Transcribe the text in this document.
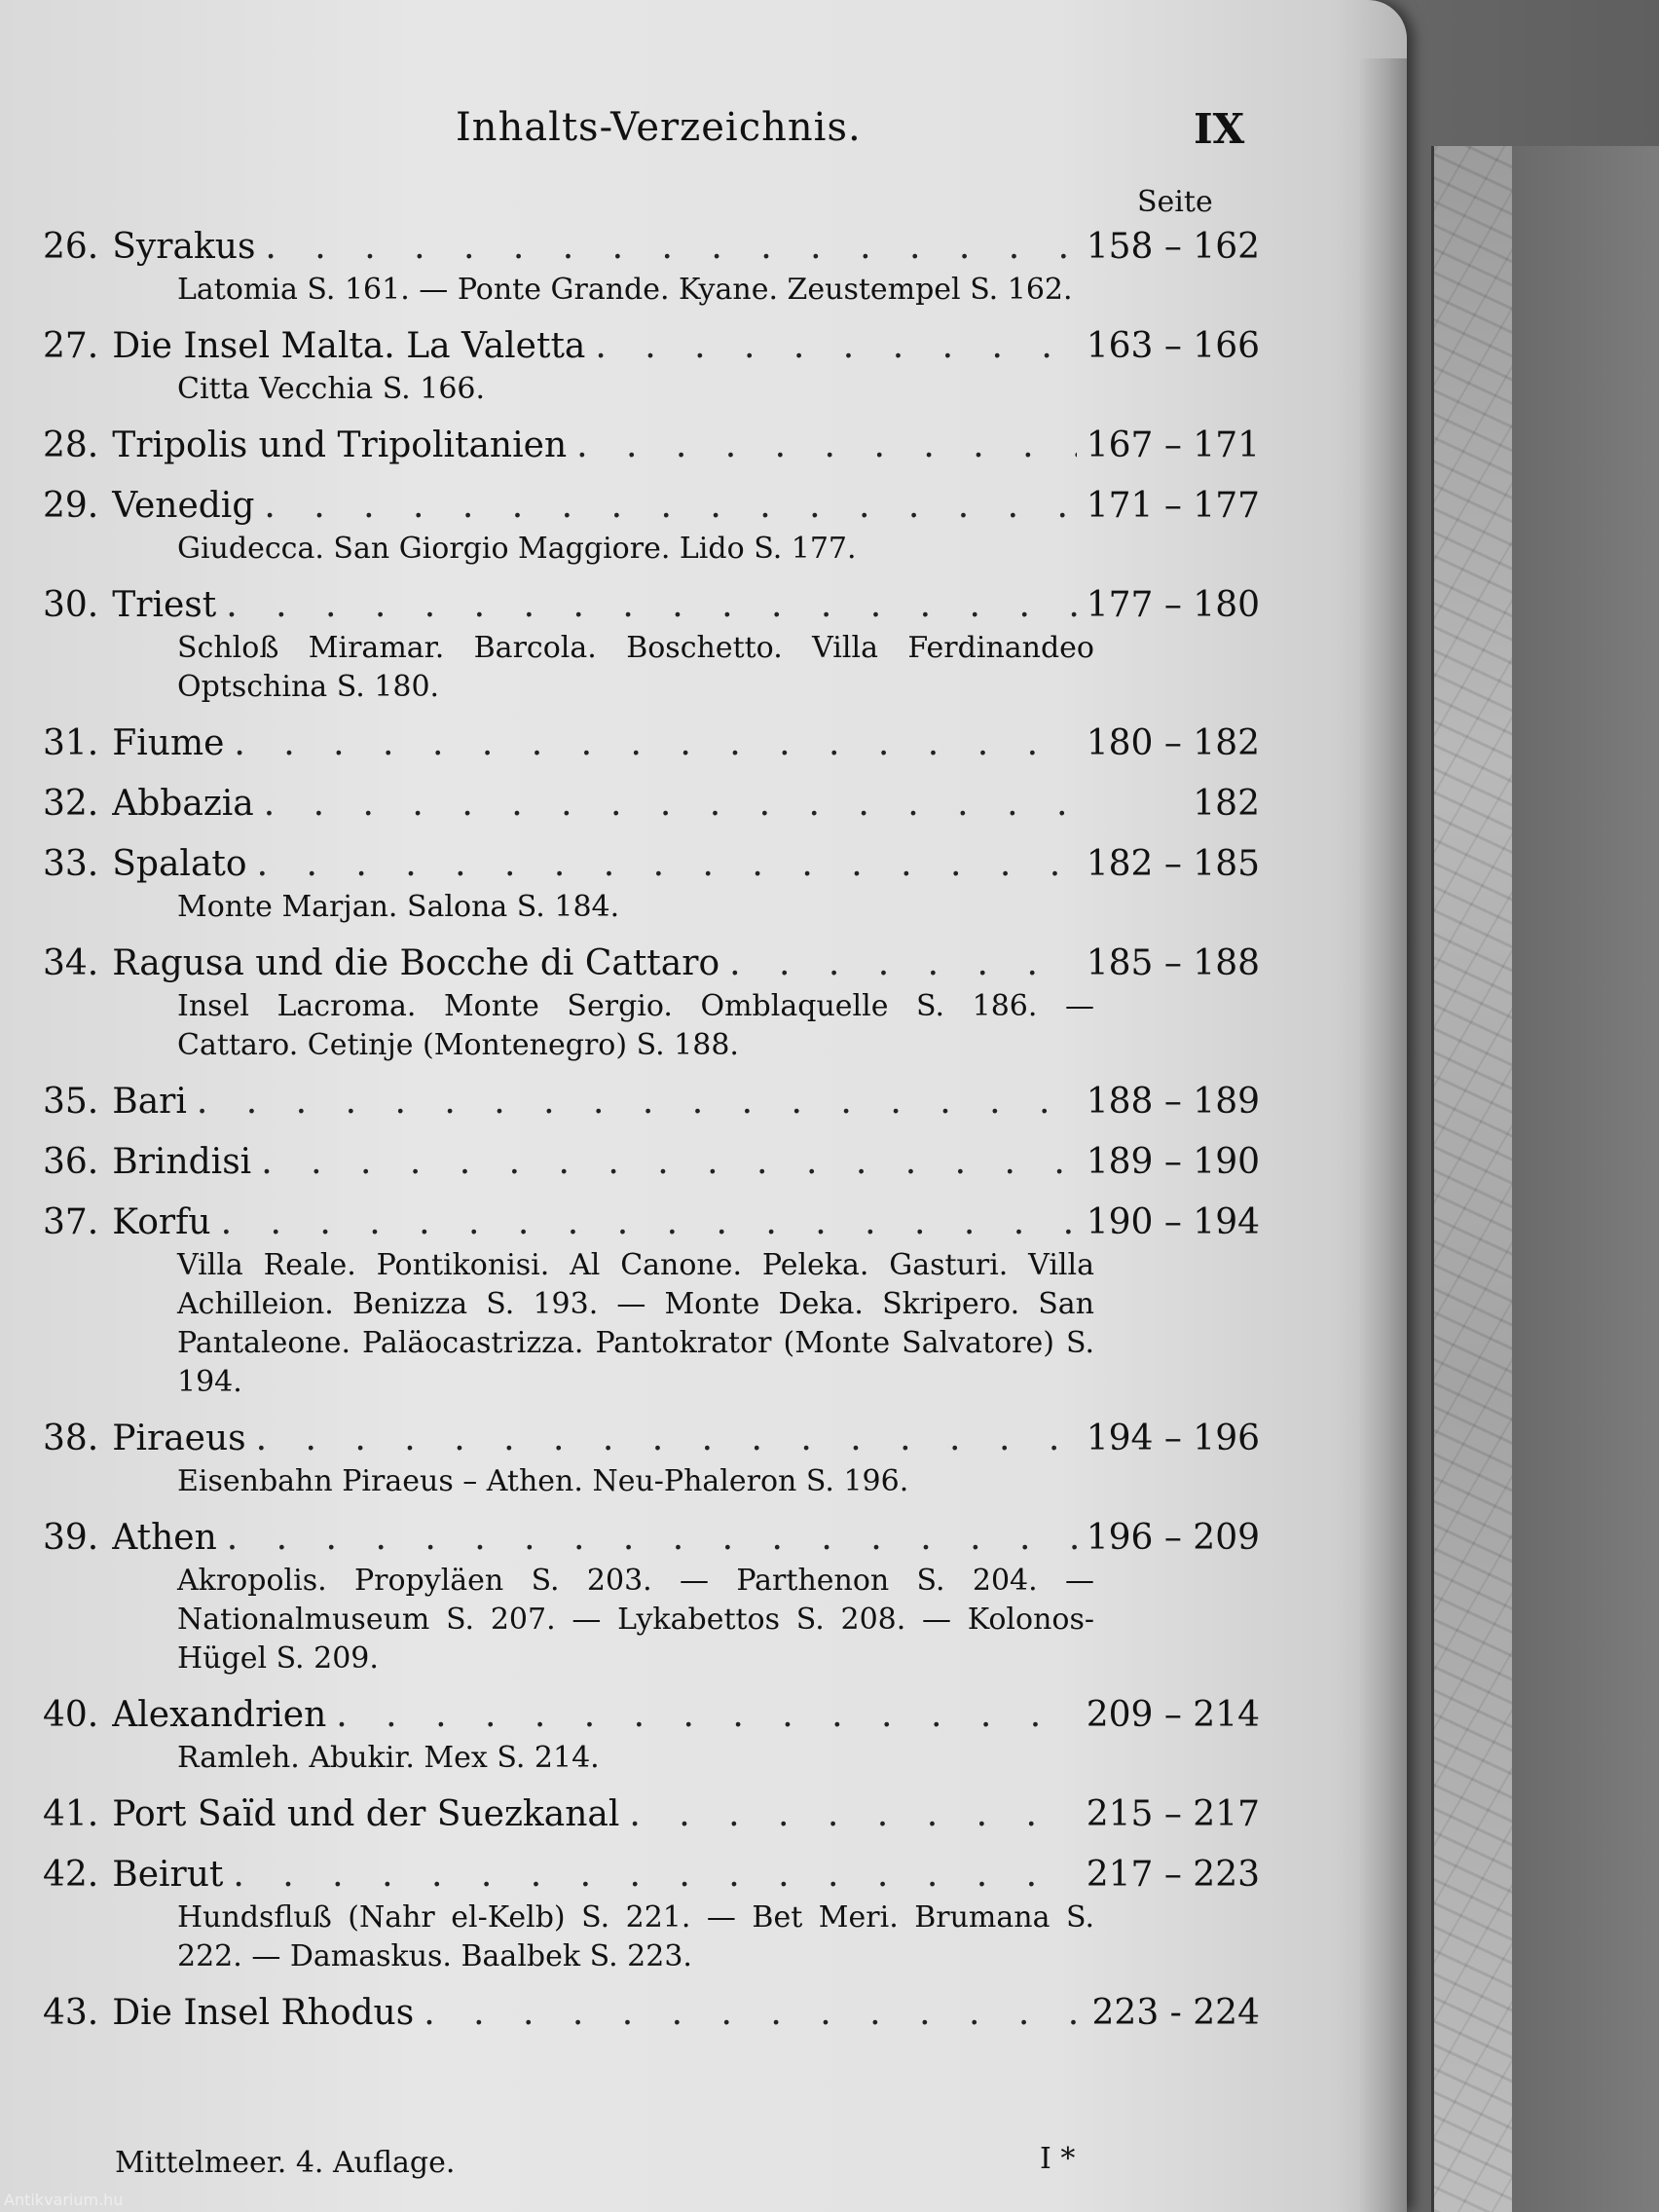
Inhalts-Verzeichnis.	IX
Seite
26. Syrakus . . .	158 – 162
Latomia S. 161. — Ponte Grande. Kyane. Zeustempel S. 162.
27. Die Insel Malta. La Valetta . . .	163 – 166
Citta Vecchia S. 166.
28. Tripolis und Tripolitanien . . .	167 – 171
29. Venedig . . .	171 – 177
Giudecca. San Giorgio Maggiore. Lido S. 177.
30. Triest . . .	177 – 180
Schloß Miramar. Barcola. Boschetto. Villa Ferdinandeo Optschina S. 180.
31. Fiume . . .	180 – 182
32. Abbazia . . .	182
33. Spalato . . .	182 – 185
Monte Marjan. Salona S. 184.
34. Ragusa und die Bocche di Cattaro . . .	185 – 188
Insel Lacroma. Monte Sergio. Omblaquelle S. 186. — Cattaro. Cetinje (Montenegro) S. 188.
35. Bari . . .	188 – 189
36. Brindisi . . .	189 – 190
37. Korfu . . .	190 – 194
Villa Reale. Pontikonisi. Al Canone. Peleka. Gasturi. Villa Achilleion. Benizza S. 193. — Monte Deka. Skripero. San Pantaleone. Paläocastrizza. Pantokrator (Monte Salvatore) S. 194.
38. Piraeus . . .	194 – 196
Eisenbahn Piraeus – Athen. Neu-Phaleron S. 196.
39. Athen . . .	196 – 209
Akropolis. Propyläen S. 203. — Parthenon S. 204. — Nationalmuseum S. 207. — Lykabettos S. 208. — Kolonos-Hügel S. 209.
40. Alexandrien . . .	209 – 214
Ramleh. Abukir. Mex S. 214.
41. Port Saïd und der Suezkanal . . .	215 – 217
42. Beirut . . .	217 – 223
Hundsfluß (Nahr el-Kelb) S. 221. — Bet Meri. Brumana S. 222. — Damaskus. Baalbek S. 223.
43. Die Insel Rhodus . . .	223 - 224
Mittelmeer. 4. Auflage.	I *
Antikvarium.hu
